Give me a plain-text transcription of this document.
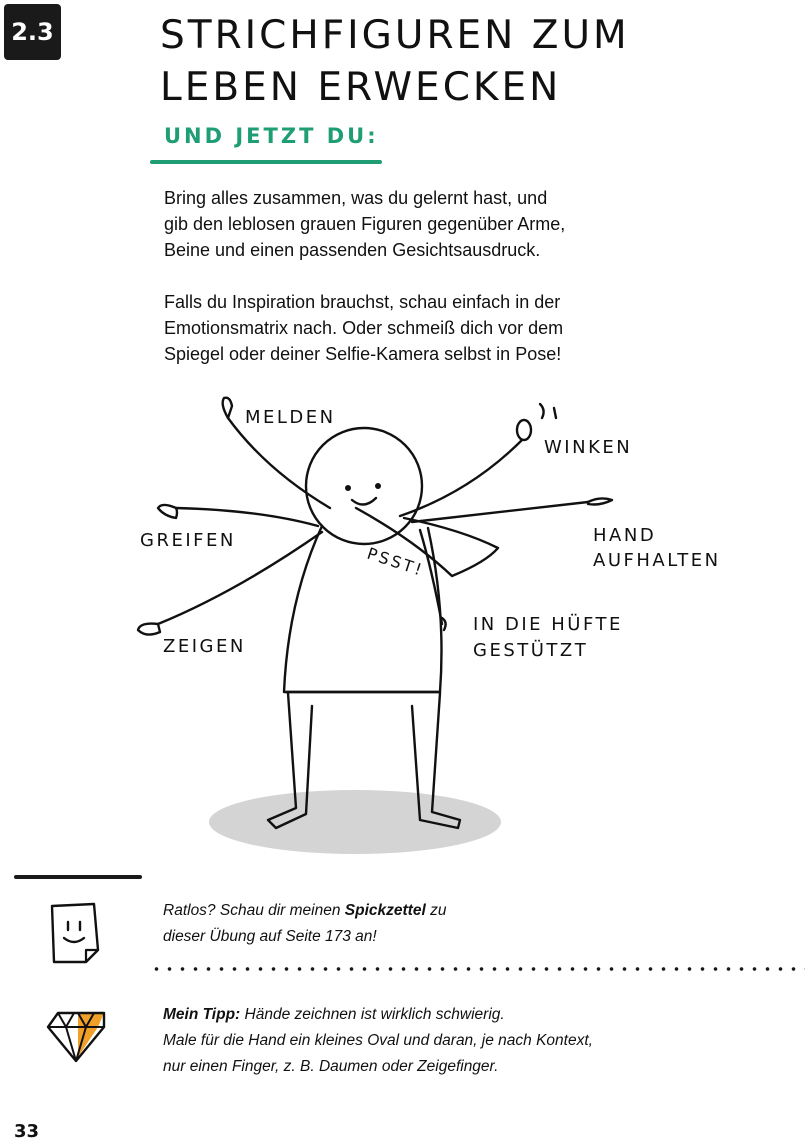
2.3	STRICHFIGUREN ZUM
LEBEN ERWECKEN
UND JETZT DU:

Bring alles zusammen, was du gelernt hast, und
gib den leblosen grauen Figuren gegenüber Arme,
Beine und einen passenden Gesichtsausdruck.

Falls du Inspiration brauchst, schau einfach in der
Emotionsmatrix nach. Oder schmeiß dich vor dem
Spiegel oder deiner Selfie-Kamera selbst in Pose!

MELDEN
WINKEN
GREIFEN	HAND
AUFHALTEN
PSST!
ZEIGEN
IN DIE HÜFTE
GESTÜTZT

Ratlos? Schau dir meinen Spickzettel zu
dieser Übung auf Seite 173 an!

Mein Tipp: Hände zeichnen ist wirklich schwierig.
Male für die Hand ein kleines Oval und daran, je nach Kontext,
nur einen Finger, z. B. Daumen oder Zeigefinger.

33
